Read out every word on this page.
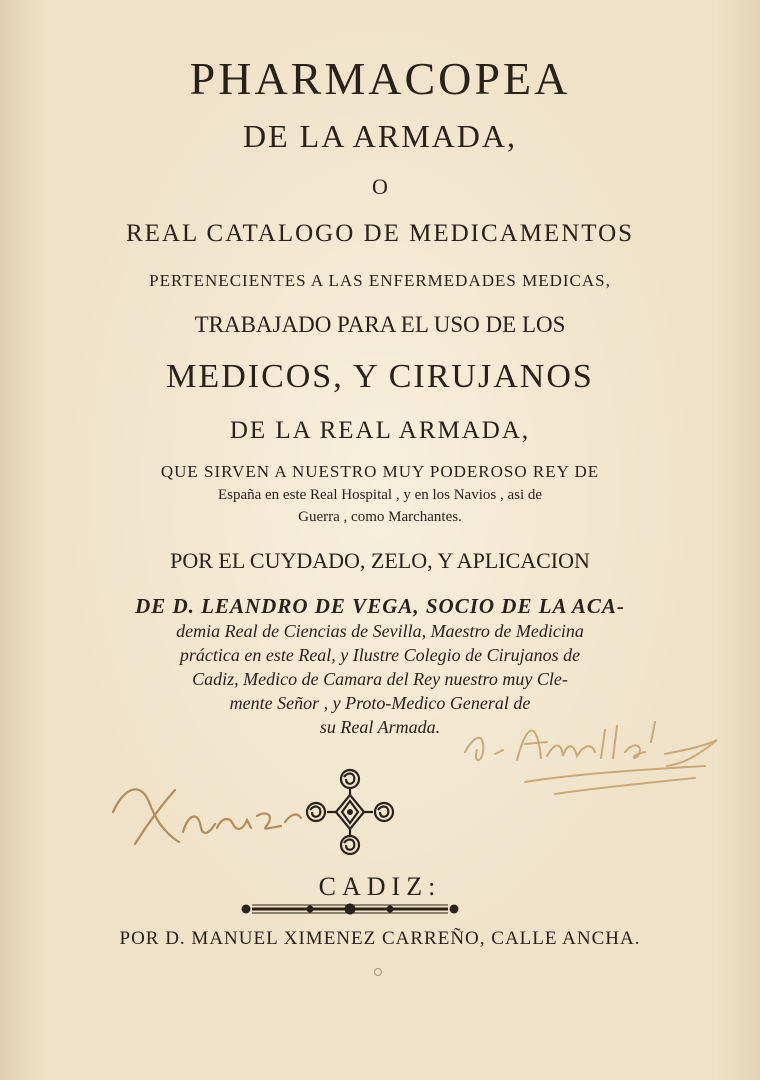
PHARMACOPEA
DE LA ARMADA,
O
REAL CATALOGO DE MEDICAMENTOS
PERTENECIENTES A LAS ENFERMEDADES MEDICAS,
TRABAJADO PARA EL USO DE LOS
MEDICOS, Y CIRUJANOS
DE LA REAL ARMADA,
QUE SIRVEN A NUESTRO MUY PODEROSO REY DE
España en este Real Hospital , y en los Navios , asi de
Guerra , como Marchantes.
POR EL CUYDADO, ZELO, Y APLICACION
DE D. LEANDRO DE VEGA, SOCIO DE LA ACA-
demia Real de Ciencias de Sevilla, Maestro de Medicina
práctica en este Real, y Ilustre Colegio de Cirujanos de
Cadiz, Medico de Camara del Rey nuestro muy Cle-
mente Señor , y Proto-Medico General de
su Real Armada.
CADIZ:
POR D. MANUEL XIMENEZ CARREÑO, CALLE ANCHA.
